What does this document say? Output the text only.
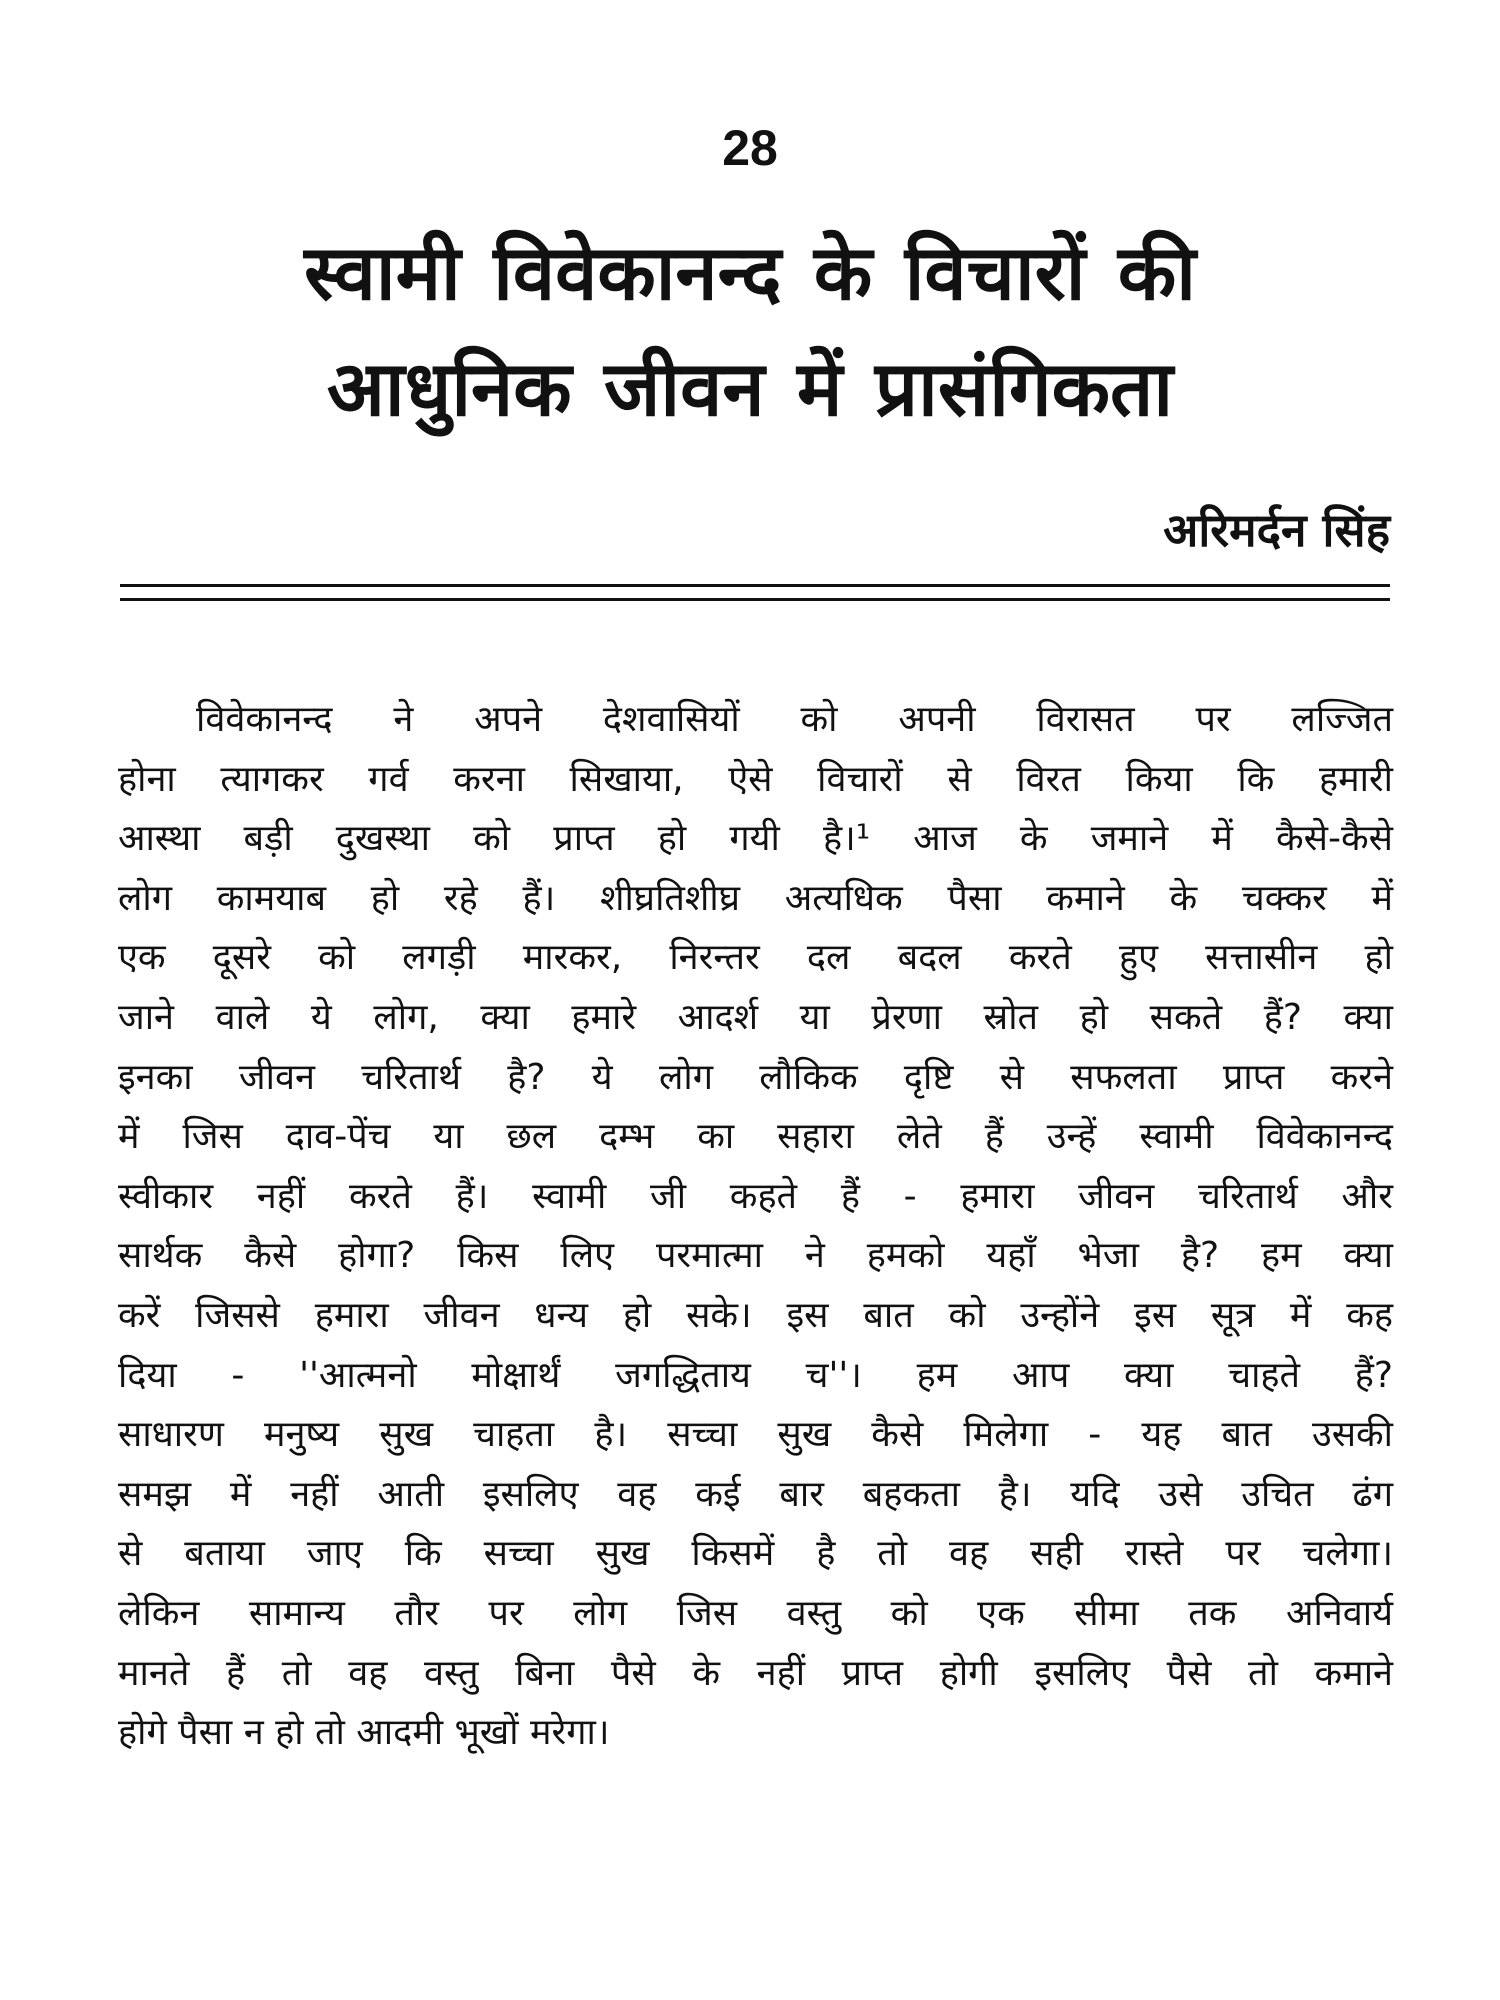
28
स्वामी विवेकानन्द के विचारों की
आधुनिक जीवन में प्रासंगिकता
अरिमर्दन सिंह
विवेकानन्द ने अपने देशवासियों को अपनी विरासत पर लज्जित
होना त्यागकर गर्व करना सिखाया, ऐसे विचारों से विरत किया कि हमारी
आस्था बड़ी दुखस्था को प्राप्त हो गयी है।¹ आज के जमाने में कैसे-कैसे
लोग कामयाब हो रहे हैं। शीघ्रतिशीघ्र अत्यधिक पैसा कमाने के चक्कर में
एक दूसरे को लगड़ी मारकर, निरन्तर दल बदल करते हुए सत्तासीन हो
जाने वाले ये लोग, क्या हमारे आदर्श या प्रेरणा स्रोत हो सकते हैं? क्या
इनका जीवन चरितार्थ है? ये लोग लौकिक दृष्टि से सफलता प्राप्त करने
में जिस दाव-पेंच या छल दम्भ का सहारा लेते हैं उन्हें स्वामी विवेकानन्द
स्वीकार नहीं करते हैं। स्वामी जी कहते हैं - हमारा जीवन चरितार्थ और
सार्थक कैसे होगा? किस लिए परमात्मा ने हमको यहाँ भेजा है? हम क्या
करें जिससे हमारा जीवन धन्य हो सके। इस बात को उन्होंने इस सूत्र में कह
दिया - ''आत्मनो मोक्षार्थं जगद्धिताय च''। हम आप क्या चाहते हैं?
साधारण मनुष्य सुख चाहता है। सच्चा सुख कैसे मिलेगा - यह बात उसकी
समझ में नहीं आती इसलिए वह कई बार बहकता है। यदि उसे उचित ढंग
से बताया जाए कि सच्चा सुख किसमें है तो वह सही रास्ते पर चलेगा।
लेकिन सामान्य तौर पर लोग जिस वस्तु को एक सीमा तक अनिवार्य
मानते हैं तो वह वस्तु बिना पैसे के नहीं प्राप्त होगी इसलिए पैसे तो कमाने
होगे पैसा न हो तो आदमी भूखों मरेगा।
